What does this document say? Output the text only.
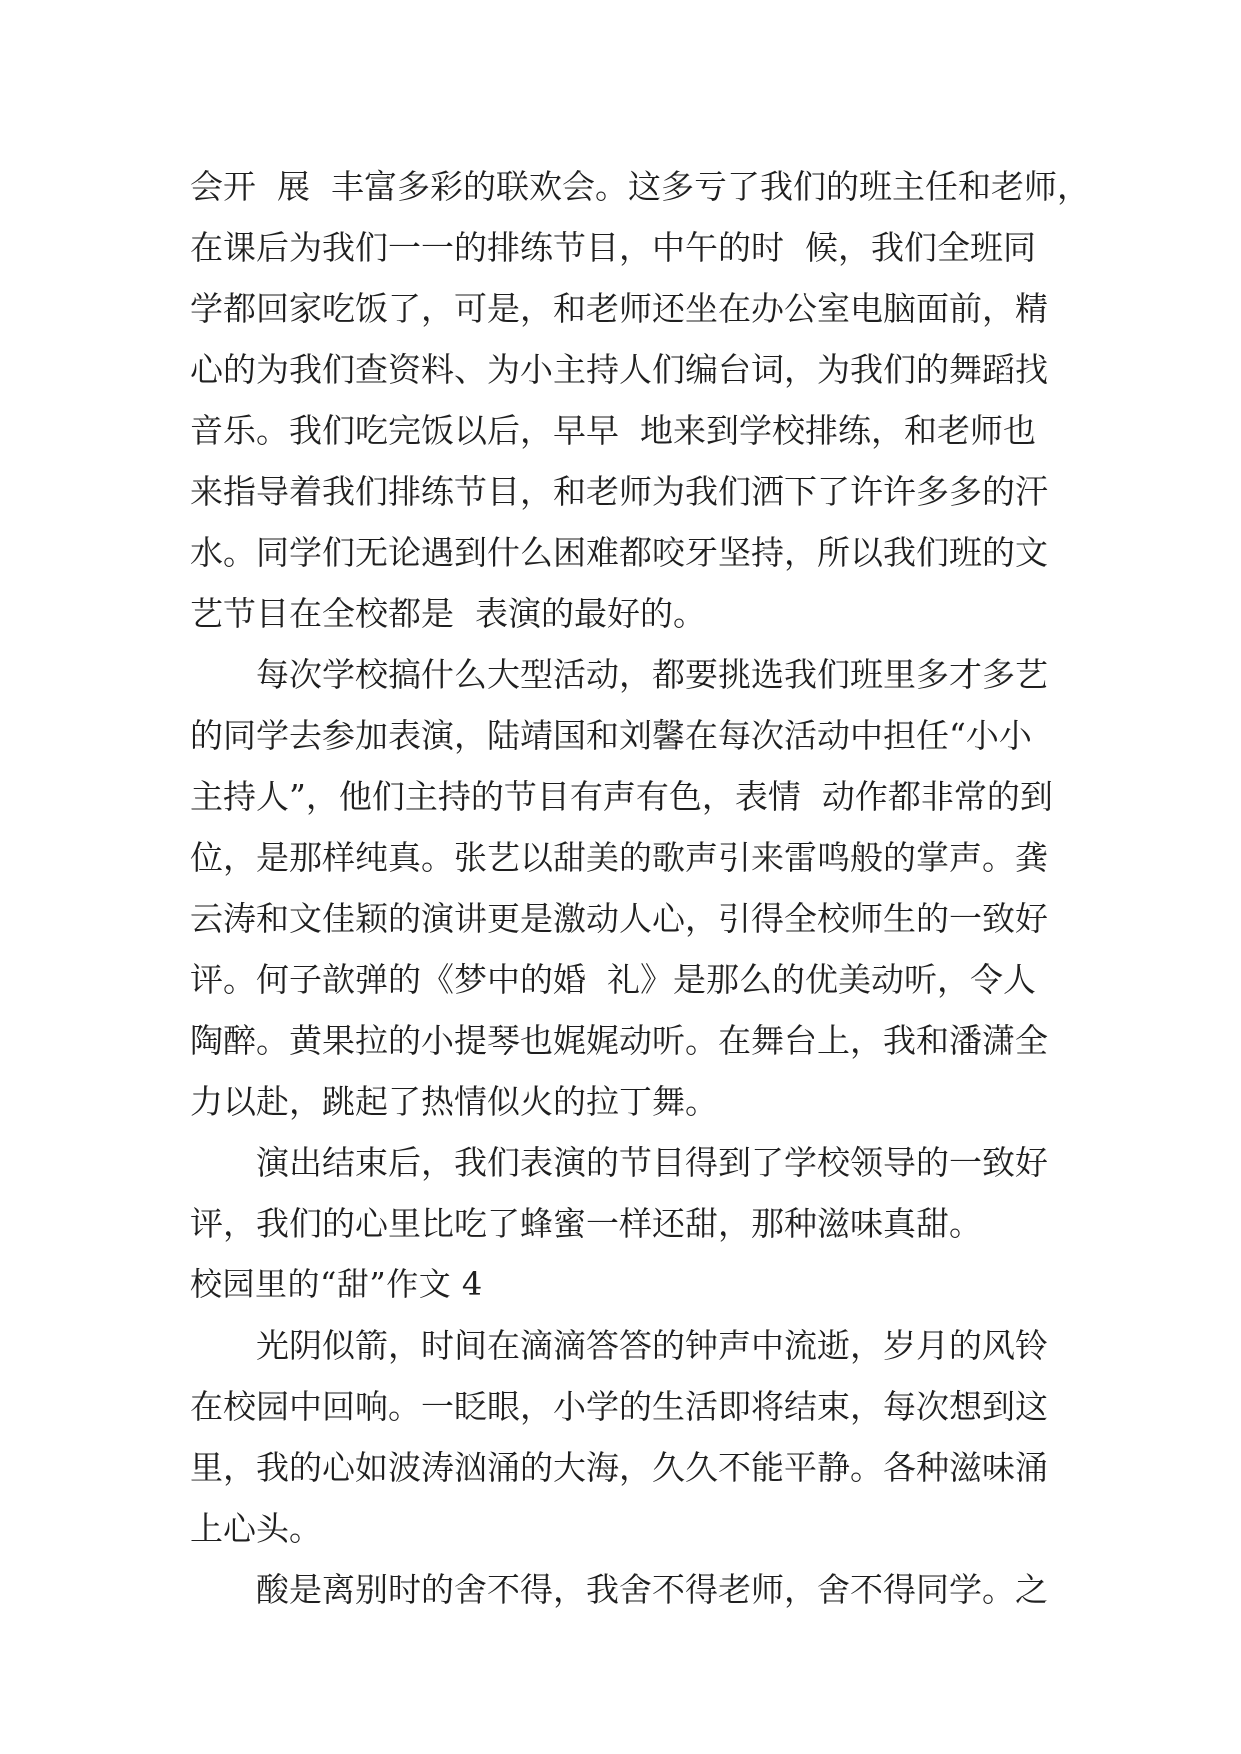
会开  展  丰富多彩的联欢会。这多亏了我们的班主任和老师，
在课后为我们一一的排练节目，中午的时  候，我们全班同
学都回家吃饭了，可是，和老师还坐在办公室电脑面前，精
心的为我们查资料、为小主持人们编台词，为我们的舞蹈找
音乐。我们吃完饭以后，早早  地来到学校排练，和老师也
来指导着我们排练节目，和老师为我们洒下了许许多多的汗
水。同学们无论遇到什么困难都咬牙坚持，所以我们班的文
艺节目在全校都是  表演的最好的。
每次学校搞什么大型活动，都要挑选我们班里多才多艺
的同学去参加表演，陆靖国和刘馨在每次活动中担任“小小
主持人”，他们主持的节目有声有色，表情  动作都非常的到
位，是那样纯真。张艺以甜美的歌声引来雷鸣般的掌声。龚
云涛和文佳颖的演讲更是激动人心，引得全校师生的一致好
评。何子歆弹的《梦中的婚  礼》是那么的优美动听，令人
陶醉。黄果拉的小提琴也娓娓动听。在舞台上，我和潘潇全
力以赴，跳起了热情似火的拉丁舞。
演出结束后，我们表演的节目得到了学校领导的一致好
评，我们的心里比吃了蜂蜜一样还甜，那种滋味真甜。
校园里的“甜”作文 4
光阴似箭，时间在滴滴答答的钟声中流逝，岁月的风铃
在校园中回响。一眨眼，小学的生活即将结束，每次想到这
里，我的心如波涛汹涌的大海，久久不能平静。各种滋味涌
上心头。
酸是离别时的舍不得，我舍不得老师，舍不得同学。之
